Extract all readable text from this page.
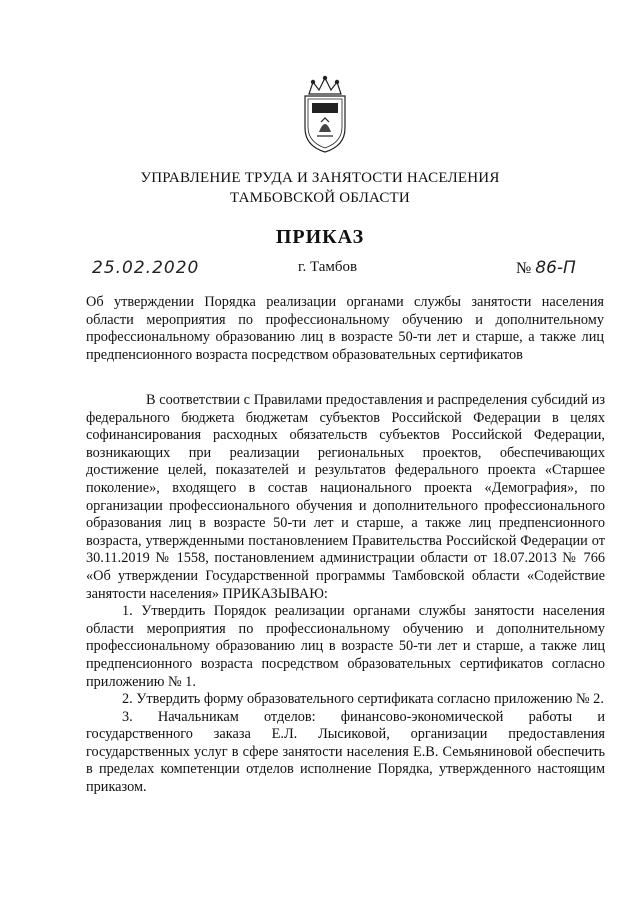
УПРАВЛЕНИЕ ТРУДА И ЗАНЯТОСТИ НАСЕЛЕНИЯ
ТАМБОВСКОЙ ОБЛАСТИ
ПРИКАЗ
25.02.2020	г. Тамбов	№ 86-П
Об утверждении Порядка реализации органами службы занятости населения области мероприятия по профессиональному обучению и дополнительному профессиональному образованию лиц в возрасте 50-ти лет и старше, а также лиц предпенсионного возраста посредством образовательных сертификатов

В соответствии с Правилами предоставления и распределения субсидий из федерального бюджета бюджетам субъектов Российской Федерации в целях софинансирования расходных обязательств субъектов Российской Федерации, возникающих при реализации региональных проектов, обеспечивающих достижение целей, показателей и результатов федерального проекта «Старшее поколение», входящего в состав национального проекта «Демография», по организации профессионального обучения и дополнительного профессионального образования лиц в возрасте 50-ти лет и старше, а также лиц предпенсионного возраста, утвержденными постановлением Правительства Российской Федерации от 30.11.2019 № 1558, постановлением администрации области от 18.07.2013 № 766 «Об утверждении Государственной программы Тамбовской области «Содействие занятости населения» ПРИКАЗЫВАЮ:

1. Утвердить Порядок реализации органами службы занятости населения области мероприятия по профессиональному обучению и дополнительному профессиональному образованию лиц в возрасте 50-ти лет и старше, а также лиц предпенсионного возраста посредством образовательных сертификатов согласно приложению № 1.

2. Утвердить форму образовательного сертификата согласно приложению № 2.

3. Начальникам отделов: финансово-экономической работы и государственного заказа Е.Л. Лысиковой, организации предоставления государственных услуг в сфере занятости населения Е.В. Семьяниновой обеспечить в пределах компетенции отделов исполнение Порядка, утвержденного настоящим приказом.
